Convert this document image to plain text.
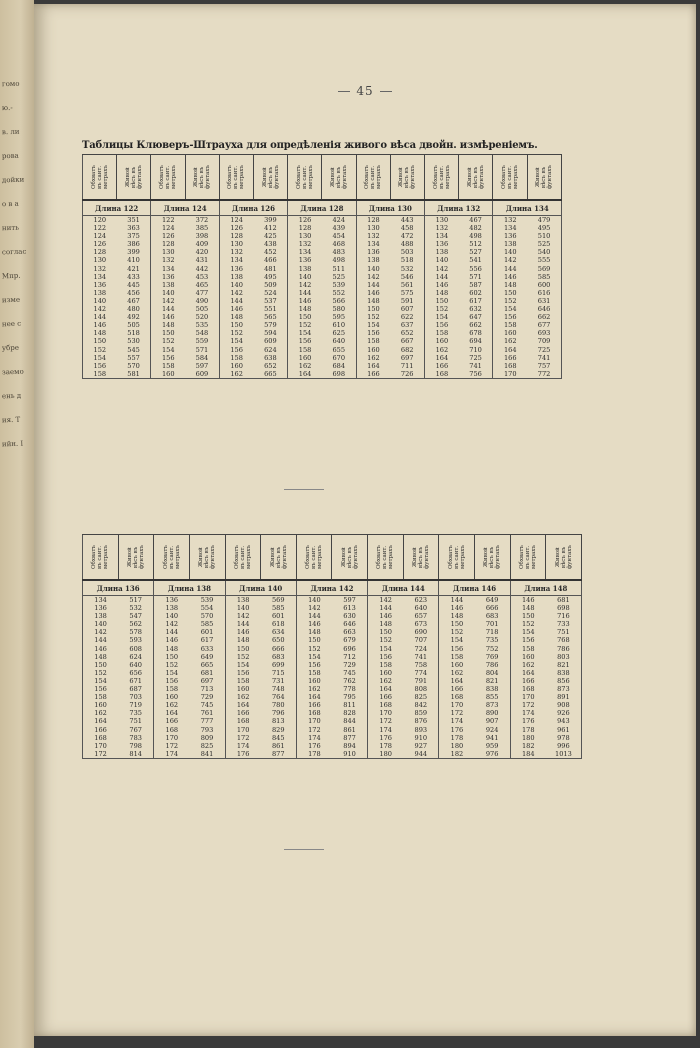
гомо
ю.-
в. ли
рова
дойки
о в а
нить
соглас
Мпр.
изме
нее с
убре
заемо
ень д
ия. Т
ийн. I
45
Таблицы Клюверъ-Штрауха для опредѣленія живого вѣса двойн. измѣреніемъ.
Обхватъ
въ сант.
метрахъ	Живой
вѣсъ въ
фунтахъ	Обхватъ
въ сант.
метрахъ	Живой
вѣсъ въ
фунтахъ	Обхватъ
въ сант.
метрахъ	Живой
вѣсъ въ
фунтахъ	Обхватъ
въ сант.
метрахъ	Живой
вѣсъ въ
фунтахъ	Обхватъ
въ сант.
метрахъ	Живой
вѣсъ въ
фунтахъ	Обхватъ
въ сант.
метрахъ	Живой
вѣсъ въ
фунтахъ	Обхватъ
въ сант.
метрахъ	Живой
вѣсъ въ
фунтахъ

Длина 122		Длина 124		Длина 126		Длина 128		Длина 130		Длина 132		Длина 134	
120	351	122	372	124	399	126	424	128	443	130	467	132	479
122	363	124	385	126	412	128	439	130	458	132	482	134	495
124	375	126	398	128	425	130	454	132	472	134	498	136	510
126	386	128	409	130	438	132	468	134	488	136	512	138	525
128	399	130	420	132	452	134	483	136	503	138	527	140	540
130	410	132	431	134	466	136	498	138	518	140	541	142	555
132	421	134	442	136	481	138	511	140	532	142	556	144	569
134	433	136	453	138	495	140	525	142	546	144	571	146	585
136	445	138	465	140	509	142	539	144	561	146	587	148	600
138	456	140	477	142	524	144	552	146	575	148	602	150	616
140	467	142	490	144	537	146	566	148	591	150	617	152	631
142	480	144	505	146	551	148	580	150	607	152	632	154	646
144	492	146	520	148	565	150	595	152	622	154	647	156	662
146	505	148	535	150	579	152	610	154	637	156	662	158	677
148	518	150	548	152	594	154	625	156	652	158	678	160	693
150	530	152	559	154	609	156	640	158	667	160	694	162	709
152	545	154	571	156	624	158	655	160	682	162	710	164	725
154	557	156	584	158	638	160	670	162	697	164	725	166	741
156	570	158	597	160	652	162	684	164	711	166	741	168	757
158	581	160	609	162	665	164	698	166	726	168	756	170	772
Обхватъ
въ сант.
метрахъ	Живой
вѣсъ въ
фунтахъ	Обхватъ
въ сант.
метрахъ	Живой
вѣсъ въ
фунтахъ	Обхватъ
въ сант.
метрахъ	Живой
вѣсъ въ
фунтахъ	Обхватъ
въ сант.
метрахъ	Живой
вѣсъ въ
фунтахъ	Обхватъ
въ сант.
метрахъ	Живой
вѣсъ въ
фунтахъ	Обхватъ
въ сант.
метрахъ	Живой
вѣсъ въ
фунтахъ	Обхватъ
въ сант.
метрахъ	Живой
вѣсъ въ
фунтахъ

Длина 136		Длина 138		Длина 140		Длина 142		Длина 144		Длина 146		Длина 148	
134	517	136	539	138	569	140	597	142	623	144	649	146	681
136	532	138	554	140	585	142	613	144	640	146	666	148	698
138	547	140	570	142	601	144	630	146	657	148	683	150	716
140	562	142	585	144	618	146	646	148	673	150	701	152	733
142	578	144	601	146	634	148	663	150	690	152	718	154	751
144	593	146	617	148	650	150	679	152	707	154	735	156	768
146	608	148	633	150	666	152	696	154	724	156	752	158	786
148	624	150	649	152	683	154	712	156	741	158	769	160	803
150	640	152	665	154	699	156	729	158	758	160	786	162	821
152	656	154	681	156	715	158	745	160	774	162	804	164	838
154	671	156	697	158	731	160	762	162	791	164	821	166	856
156	687	158	713	160	748	162	778	164	808	166	838	168	873
158	703	160	729	162	764	164	795	166	825	168	855	170	891
160	719	162	745	164	780	166	811	168	842	170	873	172	908
162	735	164	761	166	796	168	828	170	859	172	890	174	926
164	751	166	777	168	813	170	844	172	876	174	907	176	943
166	767	168	793	170	829	172	861	174	893	176	924	178	961
168	783	170	809	172	845	174	877	176	910	178	941	180	978
170	798	172	825	174	861	176	894	178	927	180	959	182	996
172	814	174	841	176	877	178	910	180	944	182	976	184	1013
